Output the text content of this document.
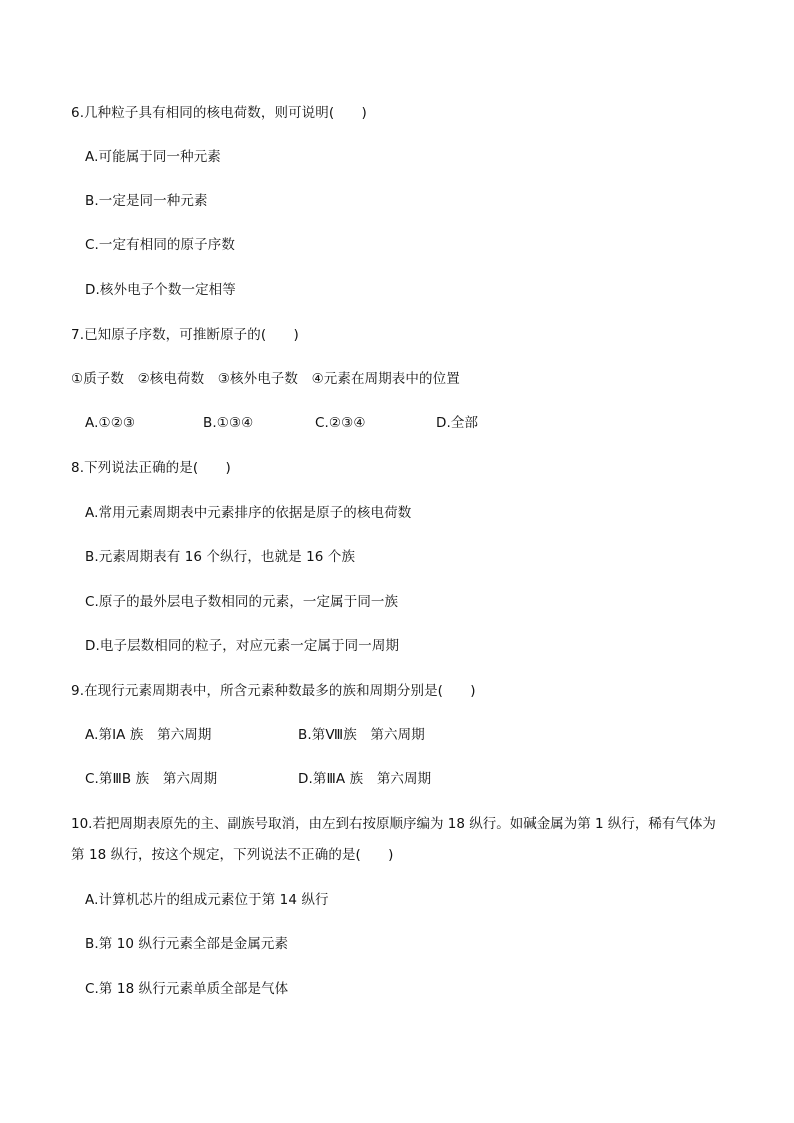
6.几种粒子具有相同的核电荷数，则可说明(　　)
A.可能属于同一种元素
B.一定是同一种元素
C.一定有相同的原子序数
D.核外电子个数一定相等
7.已知原子序数，可推断原子的(　　)
①质子数　②核电荷数　③核外电子数　④元素在周期表中的位置
A.①②③	B.①③④	C.②③④	D.全部
8.下列说法正确的是(　　)
A.常用元素周期表中元素排序的依据是原子的核电荷数
B.元素周期表有 16 个纵行，也就是 16 个族
C.原子的最外层电子数相同的元素，一定属于同一族
D.电子层数相同的粒子，对应元素一定属于同一周期
9.在现行元素周期表中，所含元素种数最多的族和周期分别是(　　)
A.第ⅠA 族　第六周期	B.第Ⅷ族　第六周期
C.第ⅢB 族　第六周期	D.第ⅢA 族　第六周期
10.若把周期表原先的主、副族号取消，由左到右按原顺序编为 18 纵行。如碱金属为第 1 纵行，稀有气体为
第 18 纵行，按这个规定，下列说法不正确的是(　　)
A.计算机芯片的组成元素位于第 14 纵行
B.第 10 纵行元素全部是金属元素
C.第 18 纵行元素单质全部是气体
